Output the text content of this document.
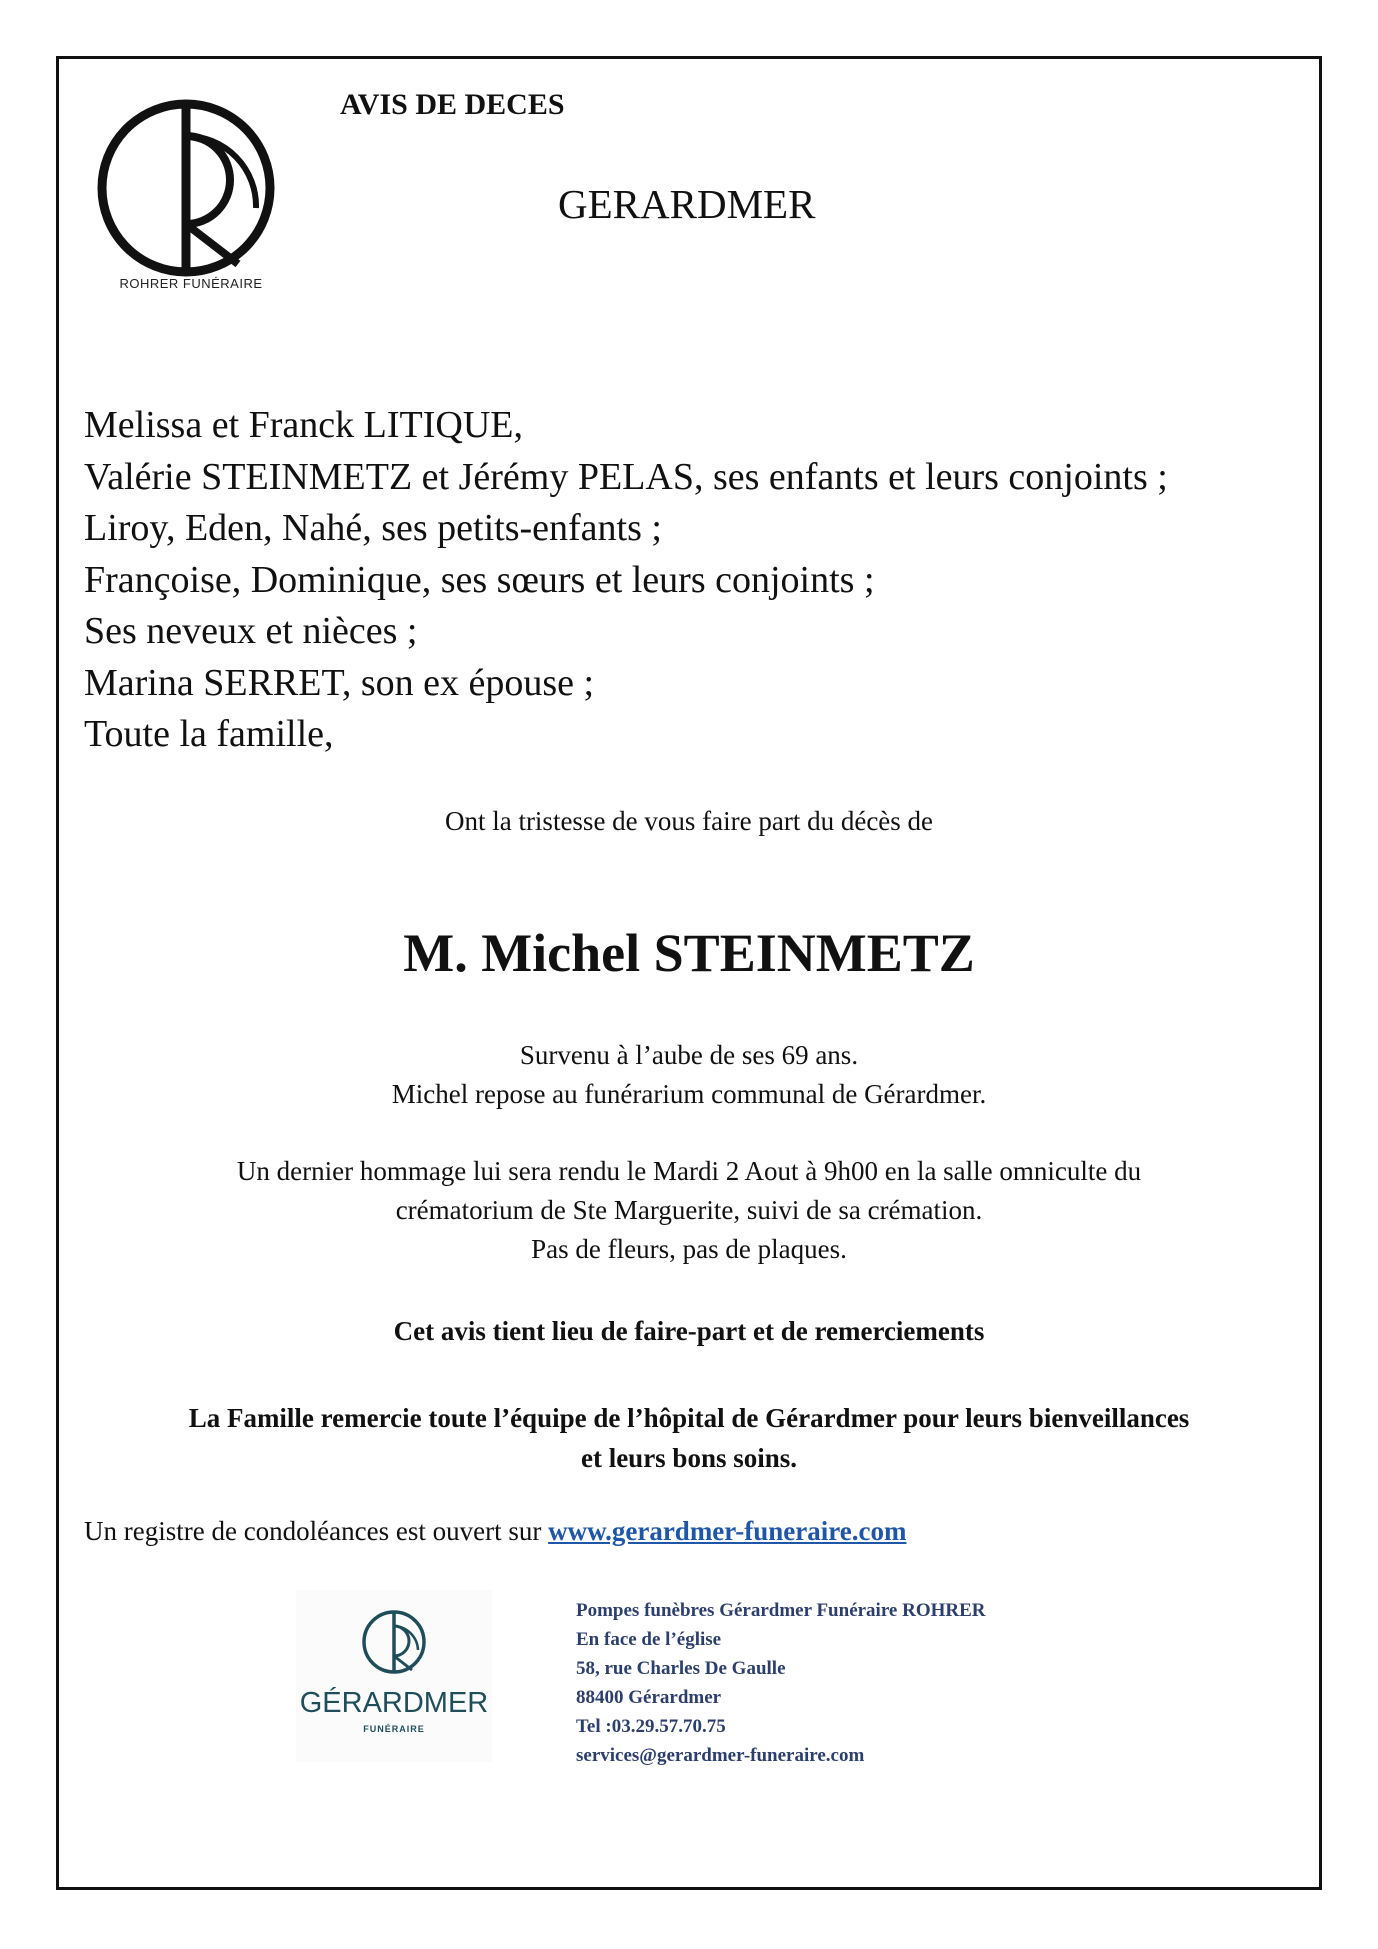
ROHRER FUNÉRAIRE
AVIS DE DECES
GERARDMER
Melissa et Franck LITIQUE,
Valérie STEINMETZ et Jérémy PELAS, ses enfants et leurs conjoints ;
Liroy, Eden, Nahé, ses petits-enfants ;
Françoise, Dominique, ses sœurs et leurs conjoints ;
Ses neveux et nièces ;
Marina SERRET, son ex épouse ;
Toute la famille,
Ont la tristesse de vous faire part du décès de
M. Michel STEINMETZ
Survenu à l’aube de ses 69 ans.
Michel repose au funérarium communal de Gérardmer.
Un dernier hommage lui sera rendu le Mardi 2 Aout à 9h00 en la salle omniculte du
crématorium de Ste Marguerite, suivi de sa crémation.
Pas de fleurs, pas de plaques.
Cet avis tient lieu de faire-part et de remerciements
La Famille remercie toute l’équipe de l’hôpital de Gérardmer pour leurs bienveillances
et leurs bons soins.
Un registre de condoléances est ouvert sur www.gerardmer-funeraire.com
GÉRARDMER
FUNÉRAIRE
Pompes funèbres Gérardmer Funéraire ROHRER
En face de l’église
58, rue Charles De Gaulle
88400 Gérardmer
Tel :03.29.57.70.75
services@gerardmer-funeraire.com
